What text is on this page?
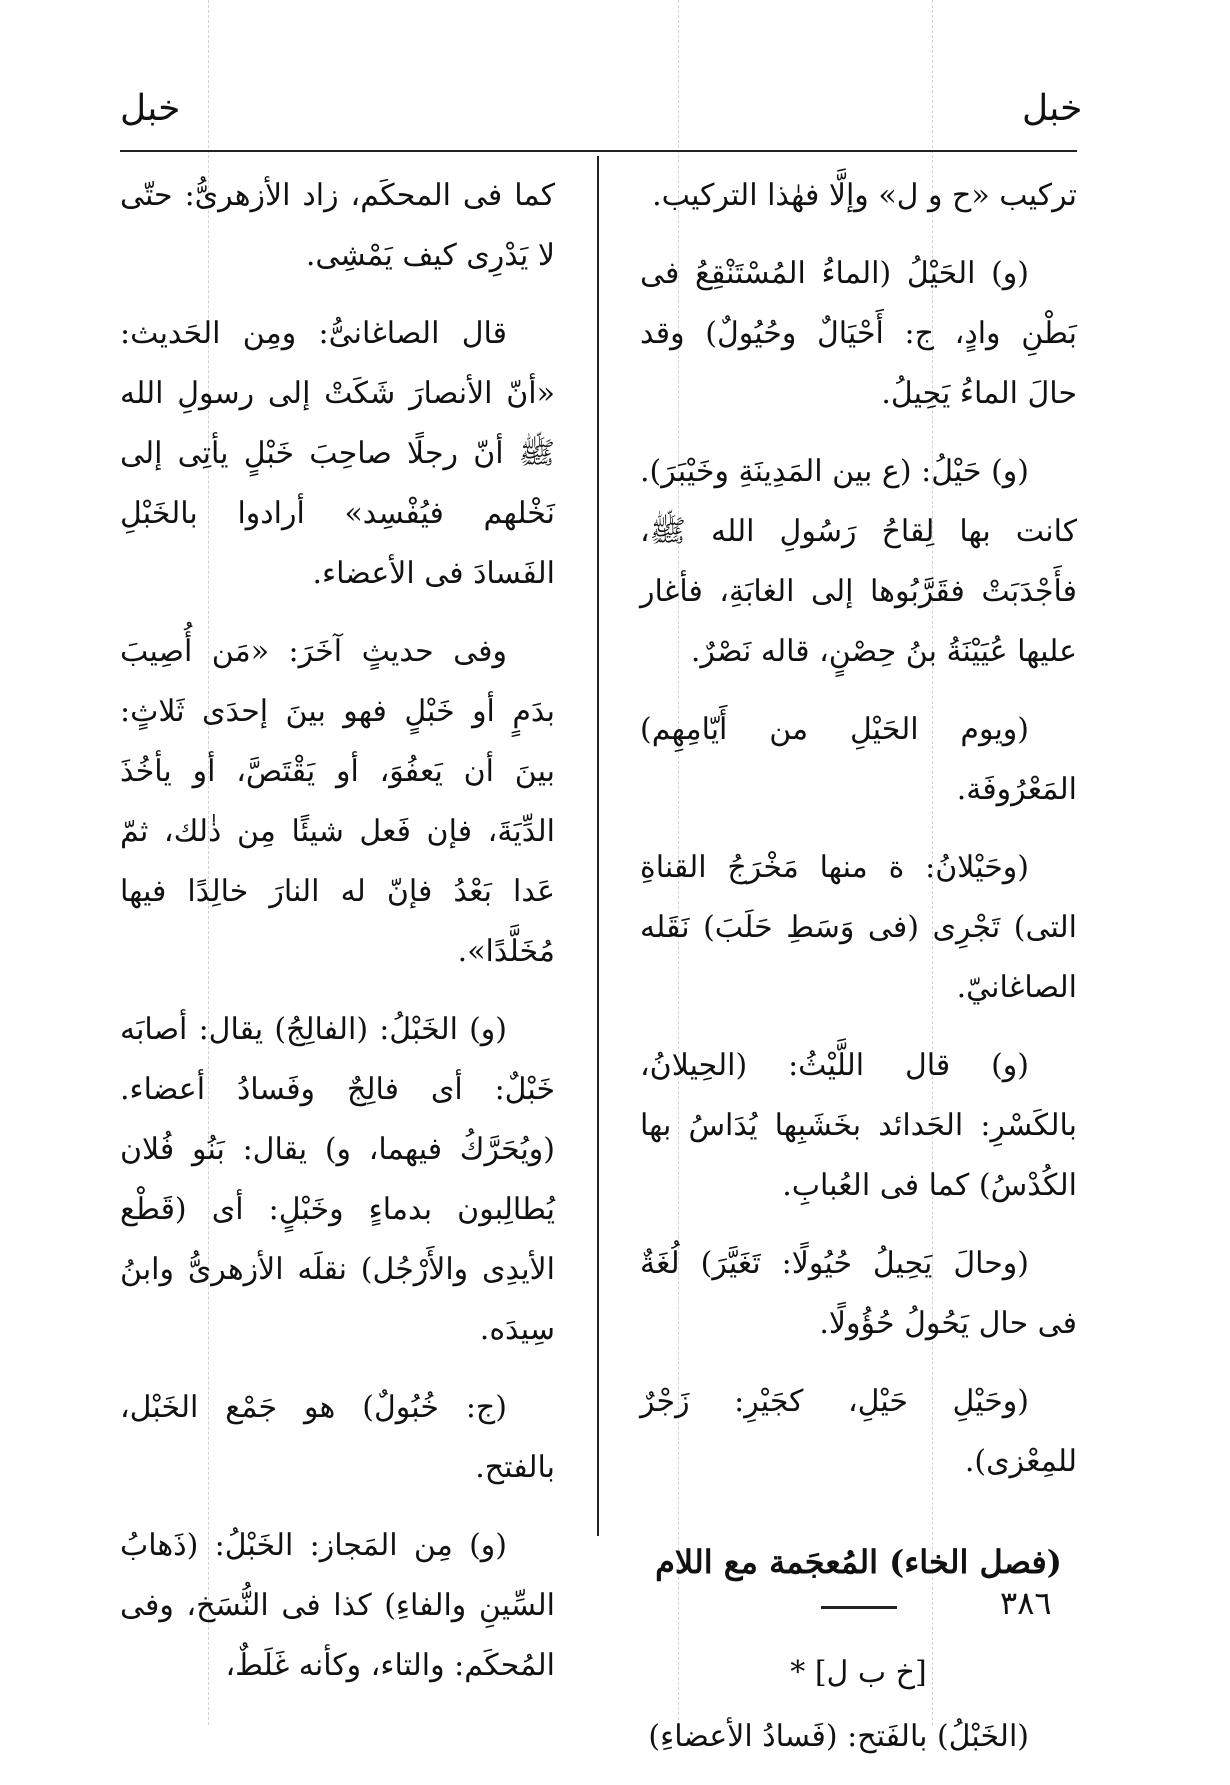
خبل
خبل

تركيب «ح و ل» وإلَّا فهٰذا التركيب.

(و) الحَيْلُ (الماءُ المُسْتَنْقِعُ فى بَطْنِ وادٍ، ج: أَحْيَالٌ وحُيُولٌ) وقد حالَ الماءُ يَحِيلُ.

(و) حَيْلُ: (ع بين المَدِينَةِ وخَيْبَرَ). كانت بها لِقاحُ رَسُولِ الله ﷺ، فأَجْدَبَتْ فقَرَّبُوها إلى الغابَةِ، فأغار عليها عُيَيْنَةُ بنُ حِصْنٍ، قاله نَصْرٌ.

(ويوم الحَيْلِ من أَيّامِهِم) المَعْرُوفَة.

(وحَيْلانُ: ة منها مَخْرَجُ القناةِ التى) تَجْرِى (فى وَسَطِ حَلَبَ) نَقَله الصاغانيّ.

(و) قال اللَّيْثُ: (الحِيلانُ، بالكَسْرِ: الحَدائد بخَشَبِها يُدَاسُ بها الكُدْسُ) كما فى العُبابِ.

(وحالَ يَحِيلُ حُيُولًا: تَغَيَّرَ) لُغَةٌ فى حال يَحُولُ حُؤُولًا.

(وحَيْلِ حَيْلِ، كجَيْرِ: زَجْرٌ للمِعْزى).

(فصل الخاء) المُعجَمة مع اللام

[خ ب ل] *

(الخَبْلُ) بالفَتح: (فَسادُ الأعضاءِ)

كما فى المحكَم، زاد الأزهرىُّ: حتّى لا يَدْرِى كيف يَمْشِى.

قال الصاغانىُّ: ومِن الحَديث: «أنّ الأنصارَ شَكَتْ إلى رسولِ الله ﷺ أنّ رجلًا صاحِبَ خَبْلٍ يأتِى إلى نَخْلهم فيُفْسِد» أرادوا بالخَبْلِ الفَسادَ فى الأعضاء.

وفى حديثٍ آخَرَ: «مَن أُصِيبَ بدَمٍ أو خَبْلٍ فهو بينَ إحدَى ثَلاثٍ: بينَ أن يَعفُوَ، أو يَقْتَصَّ، أو يأخُذَ الدِّيَةَ، فإن فَعل شيئًا مِن ذٰلك، ثمّ عَدا بَعْدُ فإنّ له النارَ خالِدًا فيها مُخَلَّدًا».

(و) الخَبْلُ: (الفالِجُ) يقال: أصابَه خَبْلٌ: أى فالِجٌ وفَسادُ أعضاء. (ويُحَرَّكُ فيهما، و) يقال: بَنُو فُلان يُطالِبون بدماءٍ وخَبْلٍ: أى (قَطْع الأيدِى والأَرْجُل) نقلَه الأزهرىُّ وابنُ سِيدَه.

(ج: خُبُولٌ) هو جَمْع الخَبْل، بالفتح.

(و) مِن المَجاز: الخَبْلُ: (ذَهابُ السِّينِ والفاءِ) كذا فى النُّسَخ، وفى المُحكَم: والتاء، وكأنه غَلَطٌ،

٣٨٦
